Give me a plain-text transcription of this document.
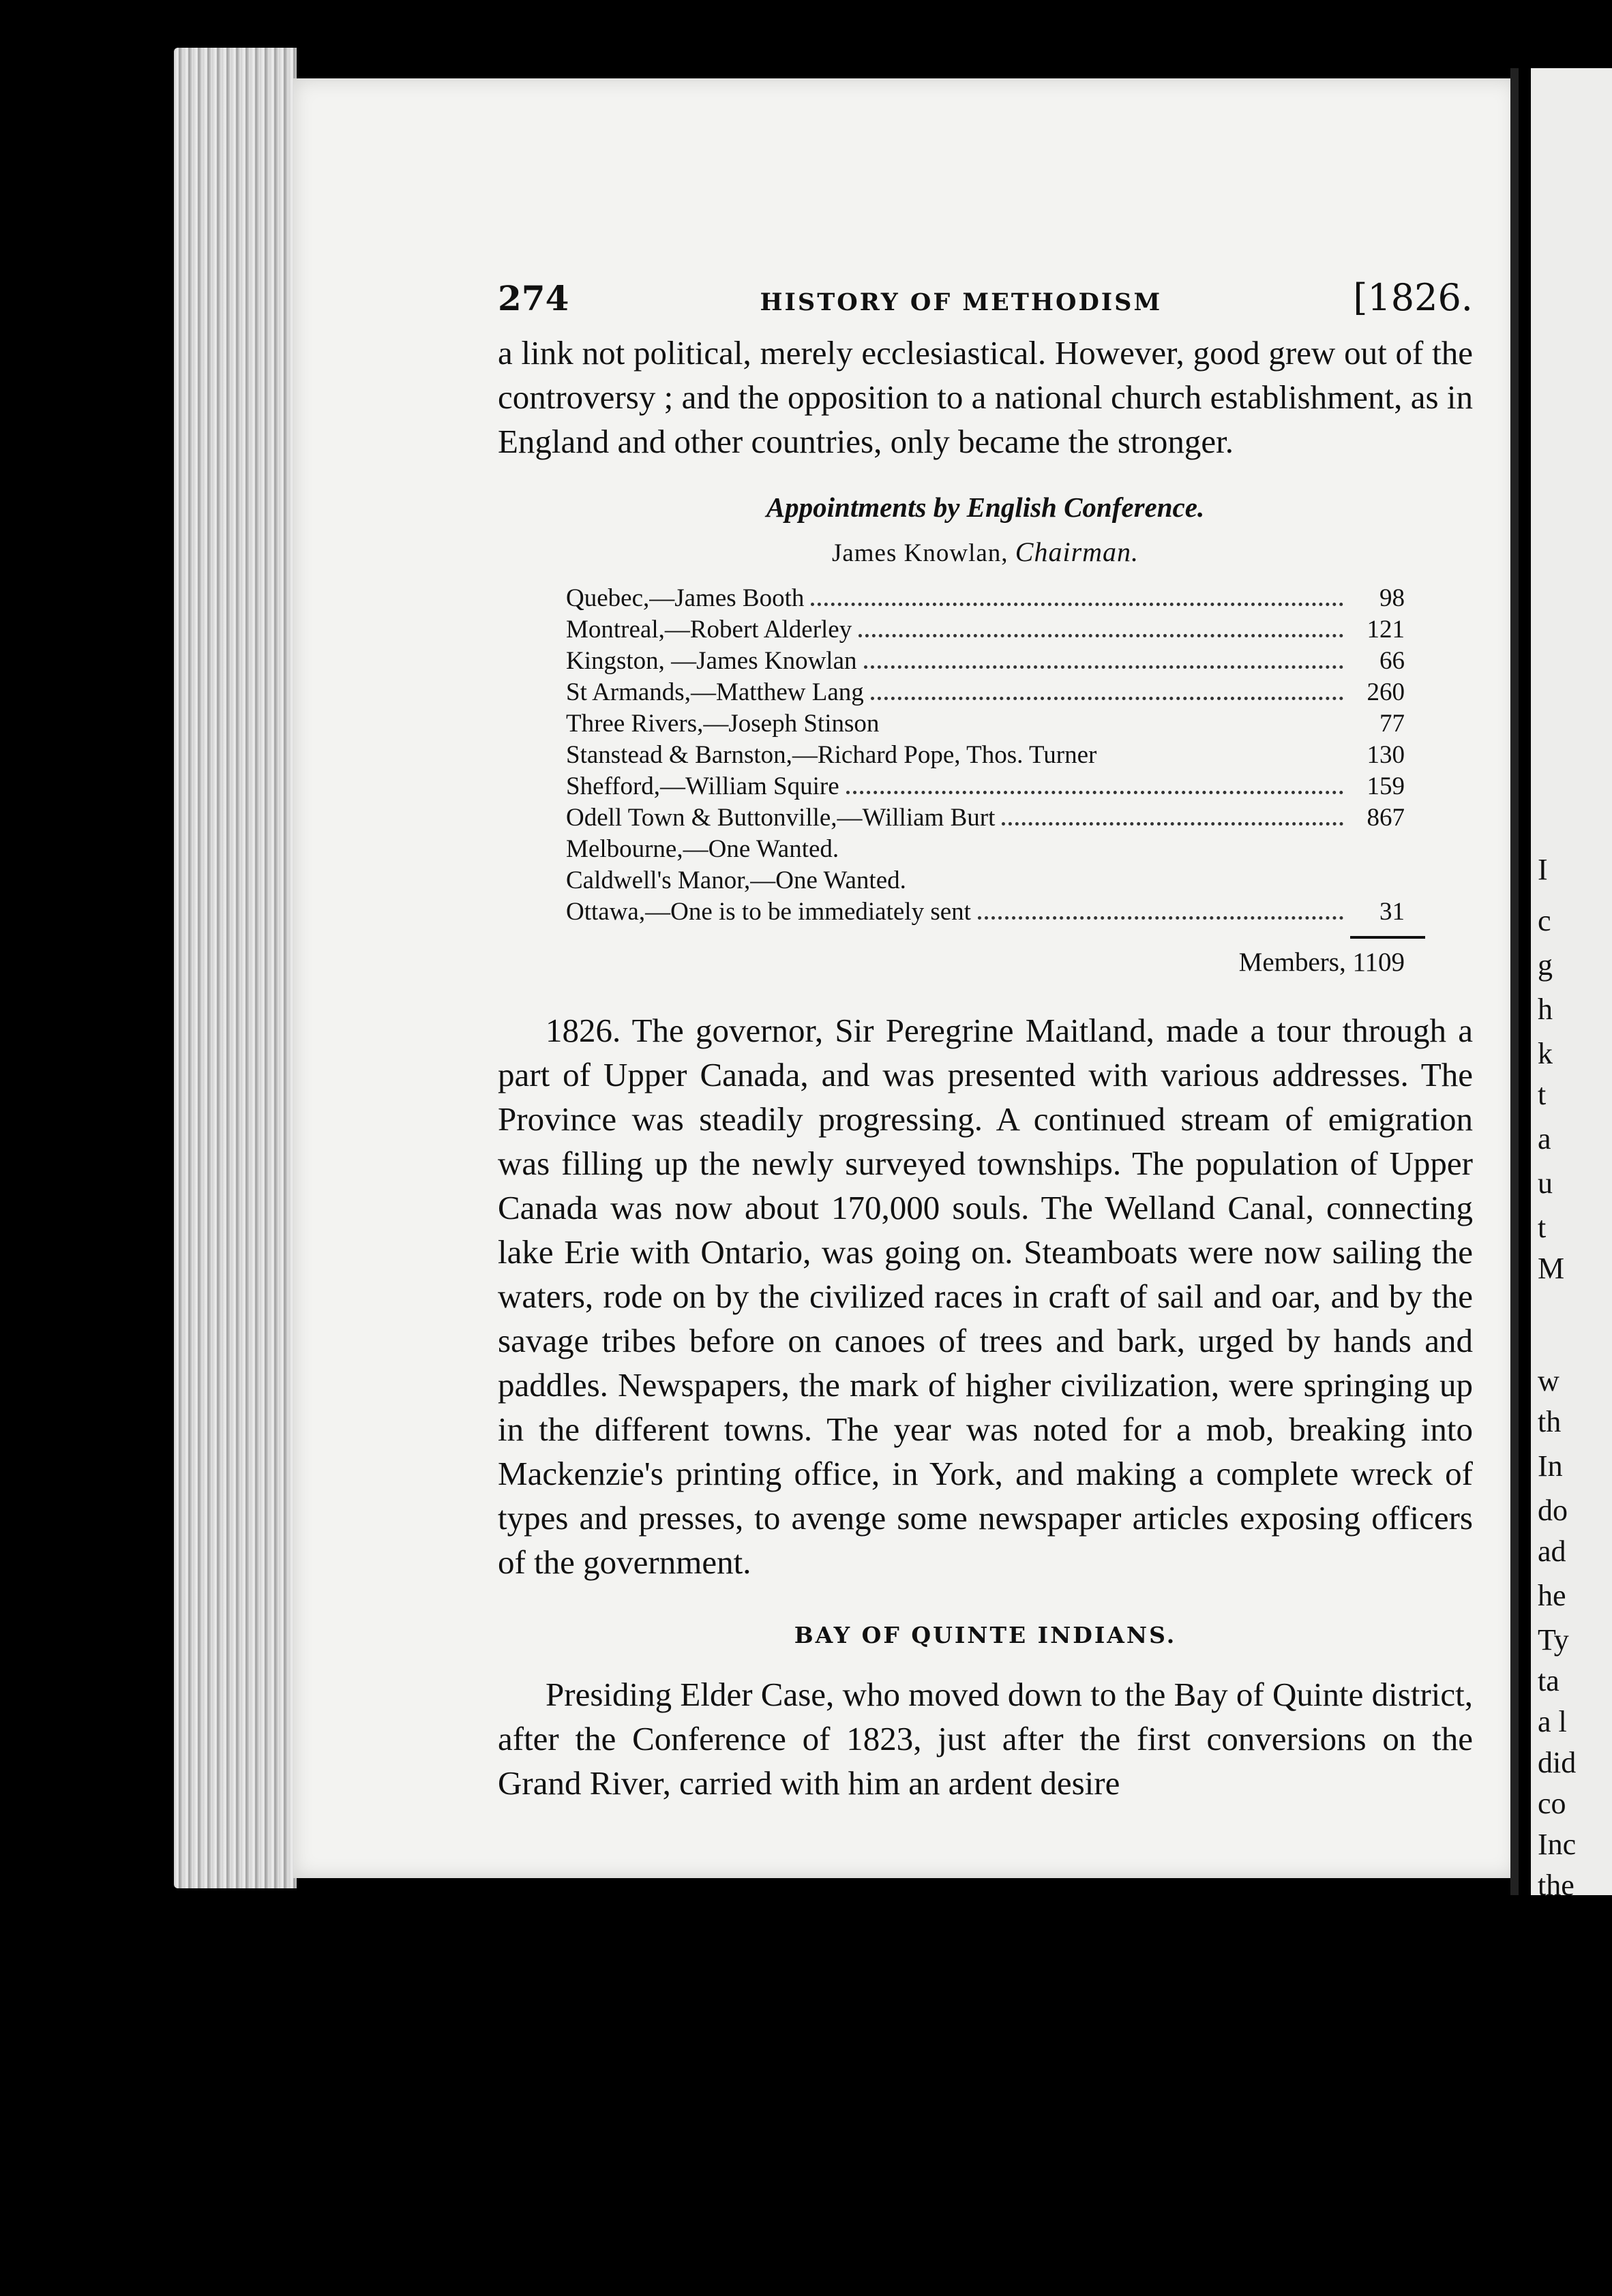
I
c
g
h
k
t
a
u
t
M
w
th
In
do
ad
he
Ty
ta
a l
did
co
Inc
the
274	HISTORY OF METHODISM	[1826.

a link not political, merely ecclesiastical. However, good grew out of the controversy ; and the opposition to a national church establishment, as in England and other countries, only became the stronger.

Appointments by English Conference.
James Knowlan, Chairman.
Quebec,—James Booth	98
Montreal,—Robert Alderley	121
Kingston, —James Knowlan	66
St Armands,—Matthew Lang	260
Three Rivers,—Joseph Stinson	77
Stanstead & Barnston,—Richard Pope, Thos. Turner	130
Shefford,—William Squire	159
Odell Town & Buttonville,—William Burt	867
Melbourne,—One Wanted.
Caldwell's Manor,—One Wanted.
Ottawa,—One is to be immediately sent	31
Members, 1109

1826. The governor, Sir Peregrine Maitland, made a tour through a part of Upper Canada, and was presented with various addresses. The Province was steadily progressing. A continued stream of emigration was filling up the newly surveyed townships. The population of Upper Canada was now about 170,000 souls. The Welland Canal, connecting lake Erie with Ontario, was going on. Steamboats were now sailing the waters, rode on by the civilized races in craft of sail and oar, and by the savage tribes before on canoes of trees and bark, urged by hands and paddles. Newspapers, the mark of higher civilization, were springing up in the different towns. The year was noted for a mob, breaking into Mackenzie's printing office, in York, and making a complete wreck of types and presses, to avenge some newspaper articles exposing officers of the government.

BAY OF QUINTE INDIANS.

Presiding Elder Case, who moved down to the Bay of Quinte district, after the Conference of 1823, just after the first conversions on the Grand River, carried with him an ardent desire
